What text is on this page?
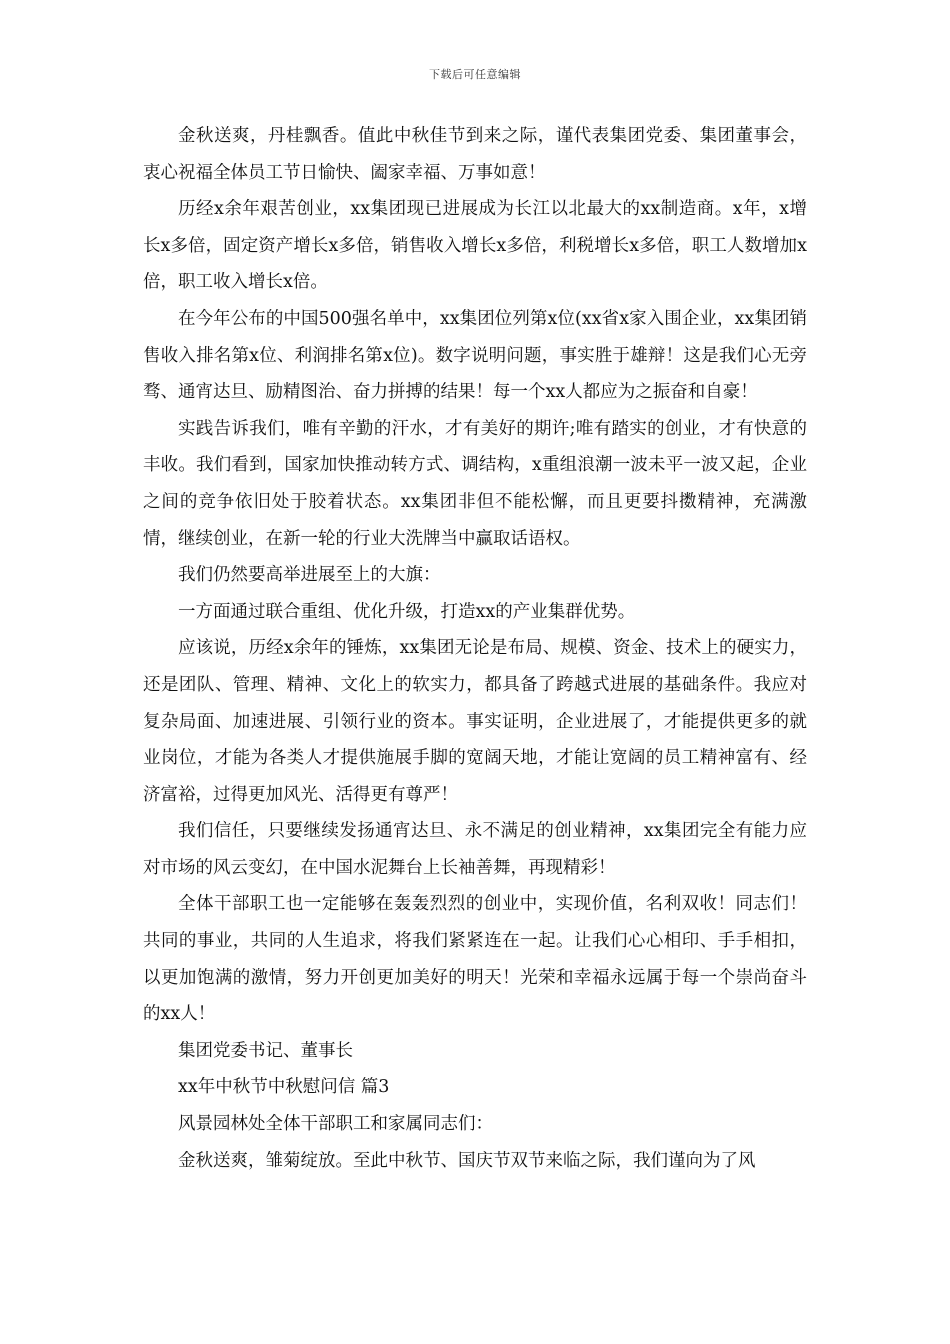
下载后可任意编辑

金秋送爽，丹桂飘香。值此中秋佳节到来之际，谨代表集团党委、集团董事会，衷心祝福全体员工节日愉快、阖家幸福、万事如意！

历经x余年艰苦创业，xx集团现已进展成为长江以北最大的xx制造商。x年，x增长x多倍，固定资产增长x多倍，销售收入增长x多倍，利税增长x多倍，职工人数增加x倍，职工收入增长x倍。

在今年公布的中国500强名单中，xx集团位列第x位(xx省x家入围企业，xx集团销售收入排名第x位、利润排名第x位)。数字说明问题，事实胜于雄辩！这是我们心无旁骛、通宵达旦、励精图治、奋力拼搏的结果！每一个xx人都应为之振奋和自豪！

实践告诉我们，唯有辛勤的汗水，才有美好的期许;唯有踏实的创业，才有快意的丰收。我们看到，国家加快推动转方式、调结构，x重组浪潮一波未平一波又起，企业之间的竞争依旧处于胶着状态。xx集团非但不能松懈，而且更要抖擞精神，充满激情，继续创业，在新一轮的行业大洗牌当中赢取话语权。

我们仍然要高举进展至上的大旗：

一方面通过联合重组、优化升级，打造xx的产业集群优势。

应该说，历经x余年的锤炼，xx集团无论是布局、规模、资金、技术上的硬实力，还是团队、管理、精神、文化上的软实力，都具备了跨越式进展的基础条件。我应对复杂局面、加速进展、引领行业的资本。事实证明，企业进展了，才能提供更多的就业岗位，才能为各类人才提供施展手脚的宽阔天地，才能让宽阔的员工精神富有、经济富裕，过得更加风光、活得更有尊严！

我们信任，只要继续发扬通宵达旦、永不满足的创业精神，xx集团完全有能力应对市场的风云变幻，在中国水泥舞台上长袖善舞，再现精彩！

全体干部职工也一定能够在轰轰烈烈的创业中，实现价值，名利双收！同志们！共同的事业，共同的人生追求，将我们紧紧连在一起。让我们心心相印、手手相扣，以更加饱满的激情，努力开创更加美好的明天！光荣和幸福永远属于每一个崇尚奋斗的xx人！

集团党委书记、董事长

xx年中秋节中秋慰问信 篇3

风景园林处全体干部职工和家属同志们：

金秋送爽，雏菊绽放。至此中秋节、国庆节双节来临之际，我们谨向为了风
